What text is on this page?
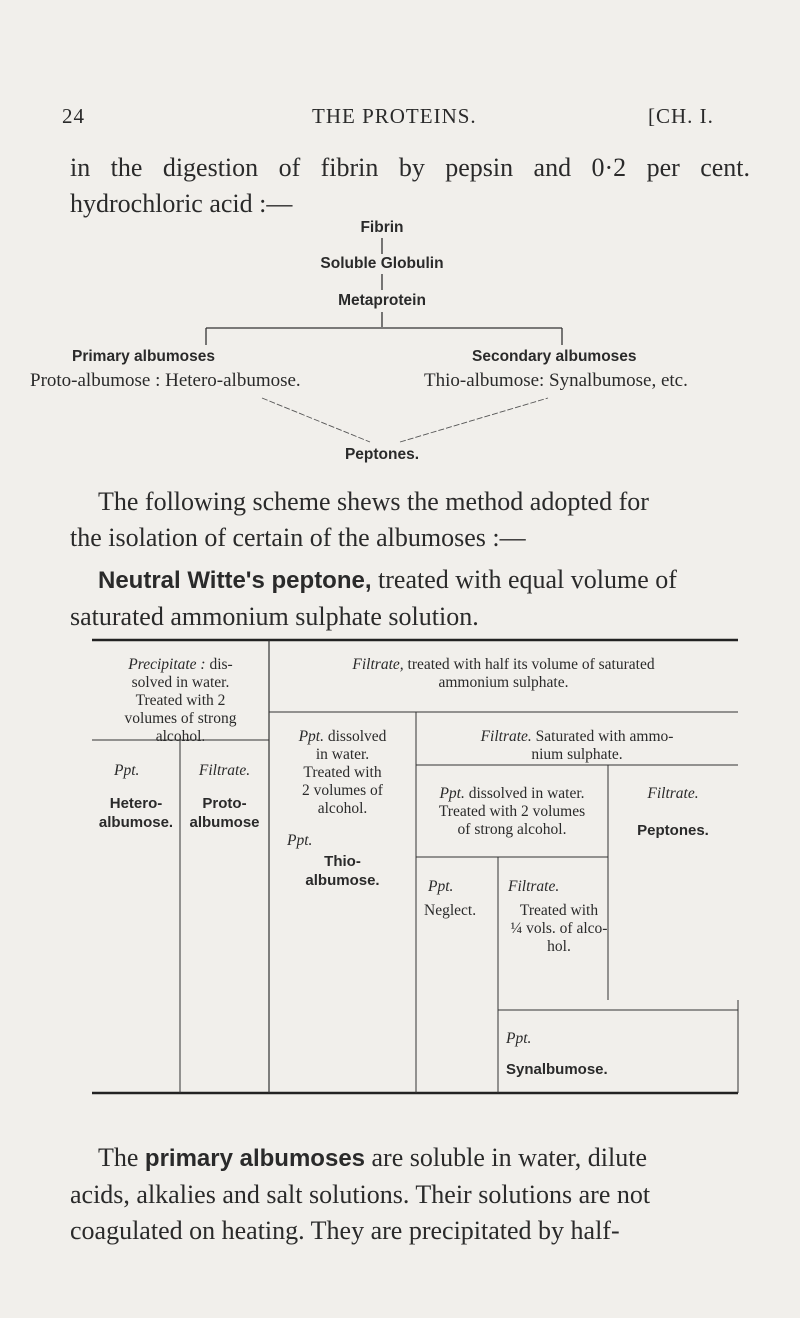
24	THE PROTEINS.	[CH. I.
in the digestion of fibrin by pepsin and 0·2 per cent.
hydrochloric acid :—
Fibrin
Soluble Globulin
Metaprotein
Primary albumoses
Proto-albumose : Hetero-albumose.
Secondary albumoses
Thio-albumose: Synalbumose, etc.
Peptones.
The following scheme shews the method adopted for
the isolation of certain of the albumoses :—
Neutral Witte's peptone, treated with equal volume of
saturated ammonium sulphate solution.
Precipitate : dis-
solved in water.
Treated with 2
volumes of strong
alcohol.
Ppt.
Hetero-
albumose.
Filtrate.
Proto-
albumose
Filtrate, treated with half its volume of saturated
ammonium sulphate.
Ppt. dissolved
in water.
Treated with
2 volumes of
alcohol.
Ppt.
Thio-
albumose.
Filtrate. Saturated with ammo-
nium sulphate.
Ppt. dissolved in water.
Treated with 2 volumes
of strong alcohol.
Filtrate.
Peptones.
Ppt.
Neglect.
Filtrate.
Treated with
¼ vols. of alco-
hol.
Ppt.
Synalbumose.
The primary albumoses are soluble in water, dilute
acids, alkalies and salt solutions. Their solutions are not
coagulated on heating. They are precipitated by half-
